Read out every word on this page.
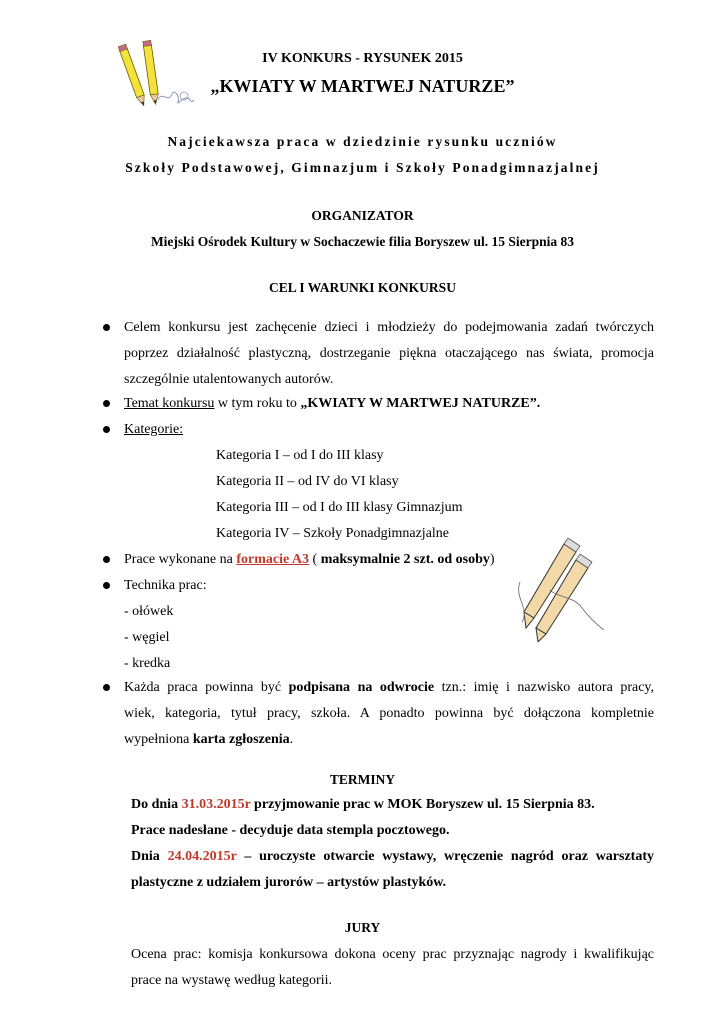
IV KONKURS - RYSUNEK 2015
„KWIATY W MARTWEJ NATURZE”
Najciekawsza praca w dziedzinie rysunku uczniów
Szkoły Podstawowej, Gimnazjum i Szkoły Ponadgimnazjalnej
ORGANIZATOR
Miejski Ośrodek Kultury w Sochaczewie filia Boryszew ul. 15 Sierpnia 83
CEL I WARUNKI KONKURSU
Celem konkursu jest zachęcenie dzieci i młodzieży do podejmowania zadań twórczych
poprzez działalność plastyczną, dostrzeganie piękna otaczającego nas świata, promocja
szczególnie utalentowanych autorów.
Temat konkursu w tym roku to „KWIATY W MARTWEJ NATURZE”.
Kategorie:
Kategoria I – od I do III klasy
Kategoria II – od IV do VI klasy
Kategoria III – od I do III klasy Gimnazjum
Kategoria IV – Szkoły Ponadgimnazjalne
Prace wykonane na formacie A3 ( maksymalnie 2 szt. od osoby)
Technika prac:
- ołówek
- węgiel
- kredka
Każda praca powinna być podpisana na odwrocie tzn.: imię i nazwisko autora pracy,
wiek, kategoria, tytuł pracy, szkoła. A ponadto powinna być dołączona kompletnie
wypełniona karta zgłoszenia.
TERMINY
Do dnia 31.03.2015r przyjmowanie prac w MOK Boryszew ul. 15 Sierpnia 83.
Prace nadesłane - decyduje data stempla pocztowego.
Dnia 24.04.2015r – uroczyste otwarcie wystawy, wręczenie nagród oraz warsztaty
plastyczne z udziałem jurorów – artystów plastyków.
JURY
Ocena prac: komisja konkursowa dokona oceny prac przyznając nagrody i kwalifikując
prace na wystawę według kategorii.
